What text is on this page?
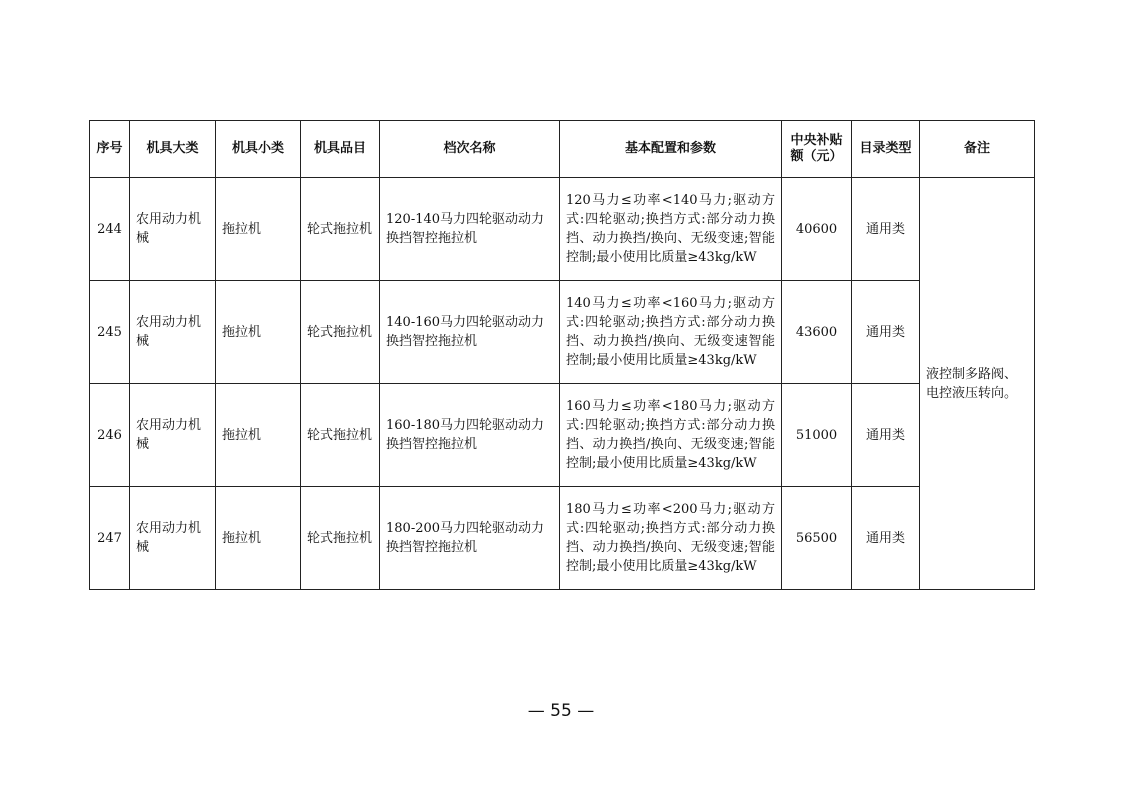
序号	机具大类	机具小类	机具品目	档次名称	基本配置和参数	中央补贴额（元）	目录类型	备注
244	农用动力机械	拖拉机	轮式拖拉机	120-140马力四轮驱动动力换挡智控拖拉机	120马力≤功率<140马力;驱动方式:四轮驱动;换挡方式:部分动力换挡、动力换挡/换向、无级变速;智能控制;最小使用比质量≥43kg/kW	40600	通用类	液控制多路阀、电控液压转向。
245	农用动力机械	拖拉机	轮式拖拉机	140-160马力四轮驱动动力换挡智控拖拉机	140马力≤功率<160马力;驱动方式:四轮驱动;换挡方式:部分动力换挡、动力换挡/换向、无级变速智能控制;最小使用比质量≥43kg/kW	43600	通用类	
246	农用动力机械	拖拉机	轮式拖拉机	160-180马力四轮驱动动力换挡智控拖拉机	160马力≤功率<180马力;驱动方式:四轮驱动;换挡方式:部分动力换挡、动力换挡/换向、无级变速;智能控制;最小使用比质量≥43kg/kW	51000	通用类	
247	农用动力机械	拖拉机	轮式拖拉机	180-200马力四轮驱动动力换挡智控拖拉机	180马力≤功率<200马力;驱动方式:四轮驱动;换挡方式:部分动力换挡、动力换挡/换向、无级变速;智能控制;最小使用比质量≥43kg/kW	56500	通用类	
— 55 —
